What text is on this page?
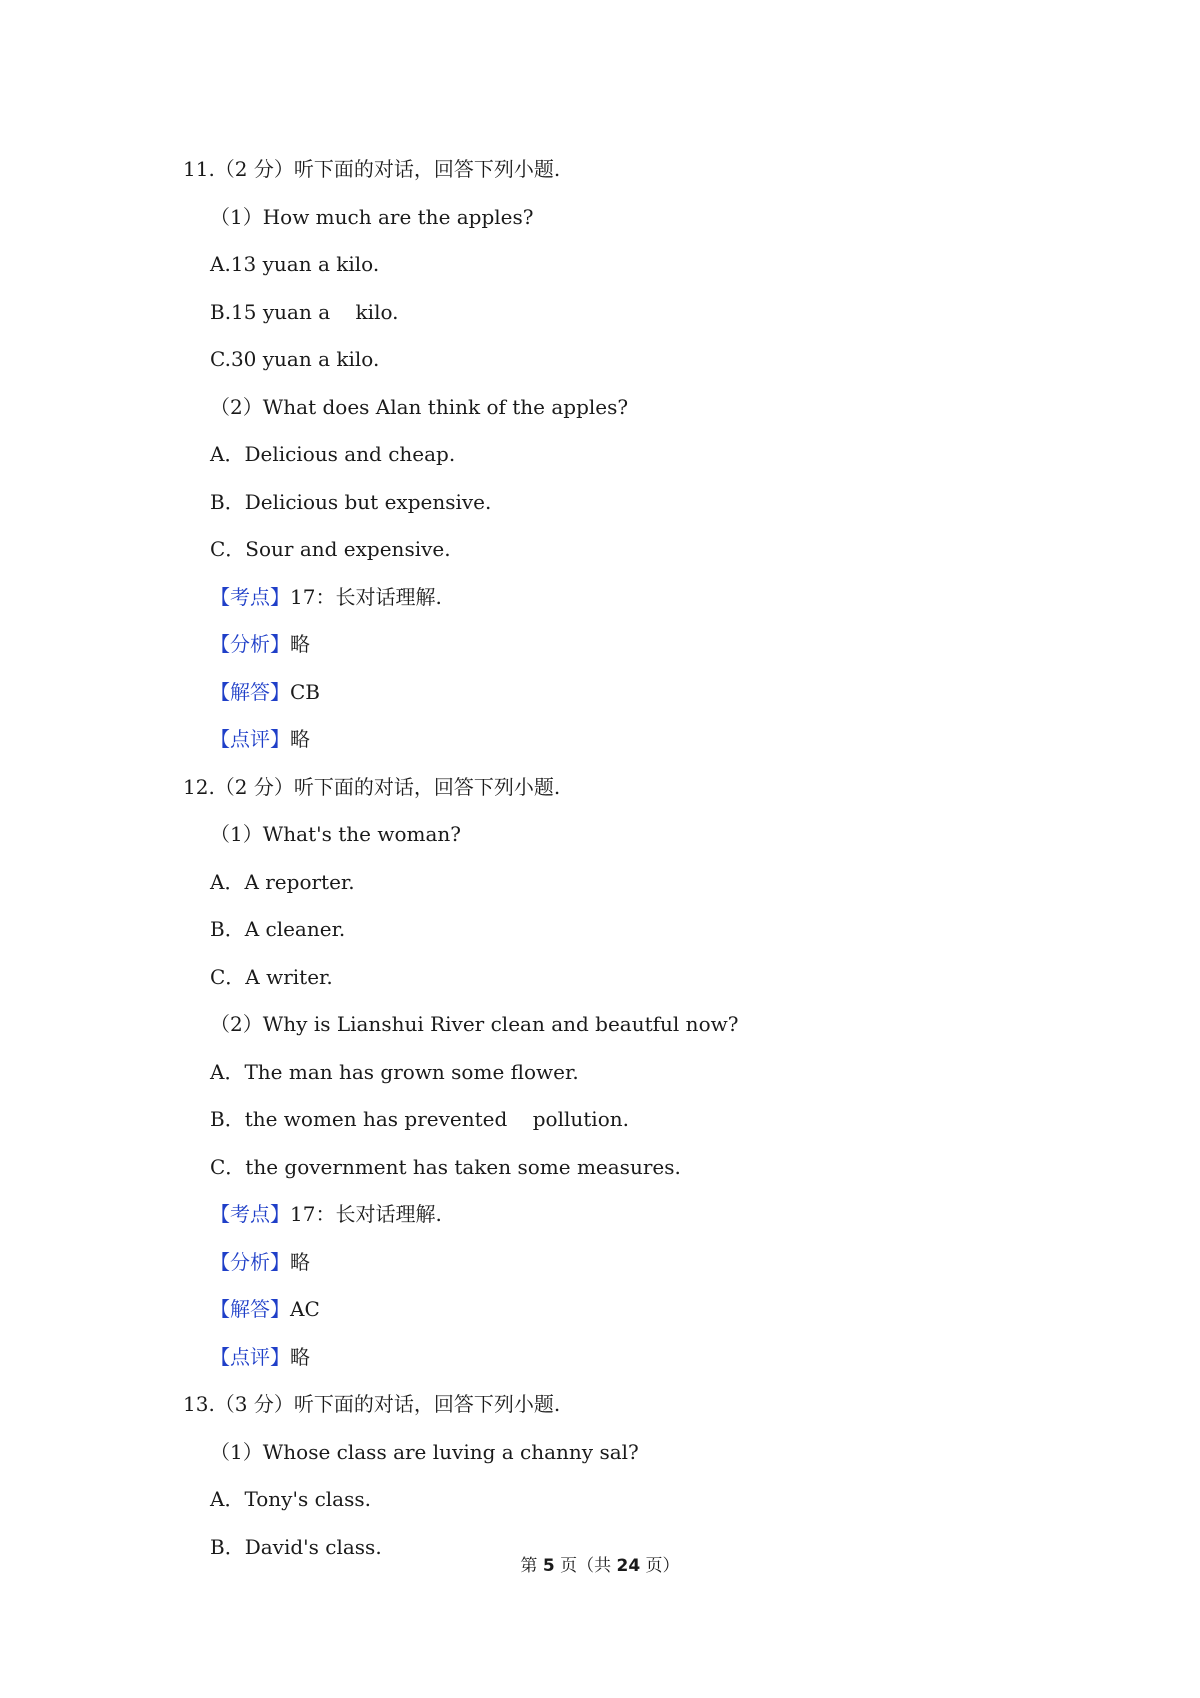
11.（2 分）听下面的对话，回答下列小题.
（1）How much are the apples?
A.13 yuan a kilo.
B.15 yuan a    kilo.
C.30 yuan a kilo.
（2）What does Alan think of the apples?
A．Delicious and cheap.
B．Delicious but expensive.
C．Sour and expensive.
【考点】17：长对话理解.
【分析】略
【解答】CB
【点评】略
12.（2 分）听下面的对话，回答下列小题.
（1）What's the woman?
A．A reporter.
B．A cleaner.
C．A writer.
（2）Why is Lianshui River clean and beautful now?
A．The man has grown some flower.
B．the women has prevented    pollution.
C．the government has taken some measures.
【考点】17：长对话理解.
【分析】略
【解答】AC
【点评】略
13.（3 分）听下面的对话，回答下列小题.
（1）Whose class are luving a channy sal?
A．Tony's class.
B．David's class.
第 5 页（共 24 页）
